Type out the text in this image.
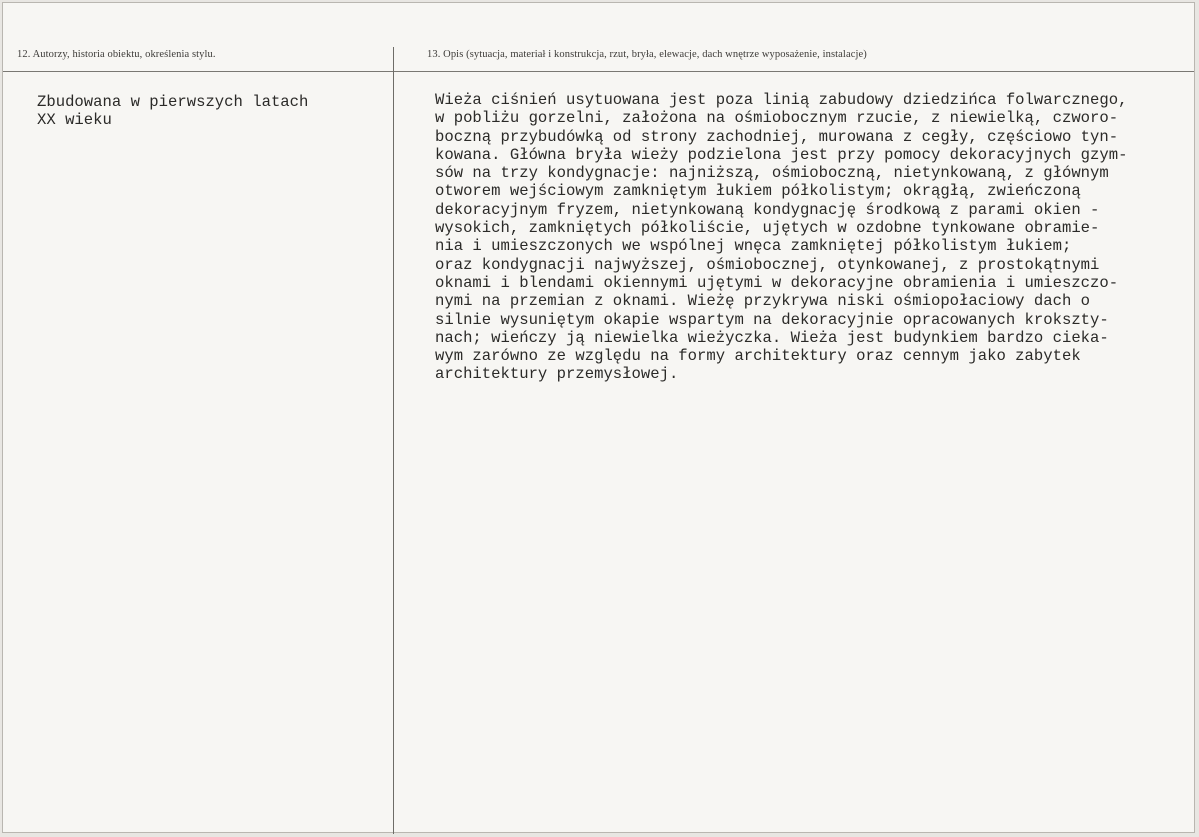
12. Autorzy, historia obiektu, określenia stylu.	13. Opis (sytuacja, materiał i konstrukcja, rzut, bryła, elewacje, dach wnętrze wyposażenie, instalacje)
Zbudowana w pierwszych latach
XX wieku
Wieża ciśnień usytuowana jest poza linią zabudowy dziedzińca folwarcznego,
w pobliżu gorzelni, założona na ośmiobocznym rzucie, z niewielką, czworo-
boczną przybudówką od strony zachodniej, murowana z cegły, częściowo tyn-
kowana. Główna bryła wieży podzielona jest przy pomocy dekoracyjnych gzym-
sów na trzy kondygnacje: najniższą, ośmioboczną, nietynkowaną, z głównym
otworem wejściowym zamkniętym łukiem półkolistym; okrągłą, zwieńczoną
dekoracyjnym fryzem, nietynkowaną kondygnację środkową z parami okien -
wysokich, zamkniętych półkoliście, ujętych w ozdobne tynkowane obramie-
nia i umieszczonych we wspólnej wnęca zamkniętej półkolistym łukiem;
oraz kondygnacji najwyższej, ośmiobocznej, otynkowanej, z prostokątnymi
oknami i blendami okiennymi ujętymi w dekoracyjne obramienia i umieszczo-
nymi na przemian z oknami. Wieżę przykrywa niski ośmiopołaciowy dach o
silnie wysuniętym okapie wspartym na dekoracyjnie opracowanych krokszty-
nach; wieńczy ją niewielka wieżyczka. Wieża jest budynkiem bardzo cieka-
wym zarówno ze względu na formy architektury oraz cennym jako zabytek
architektury przemysłowej.
